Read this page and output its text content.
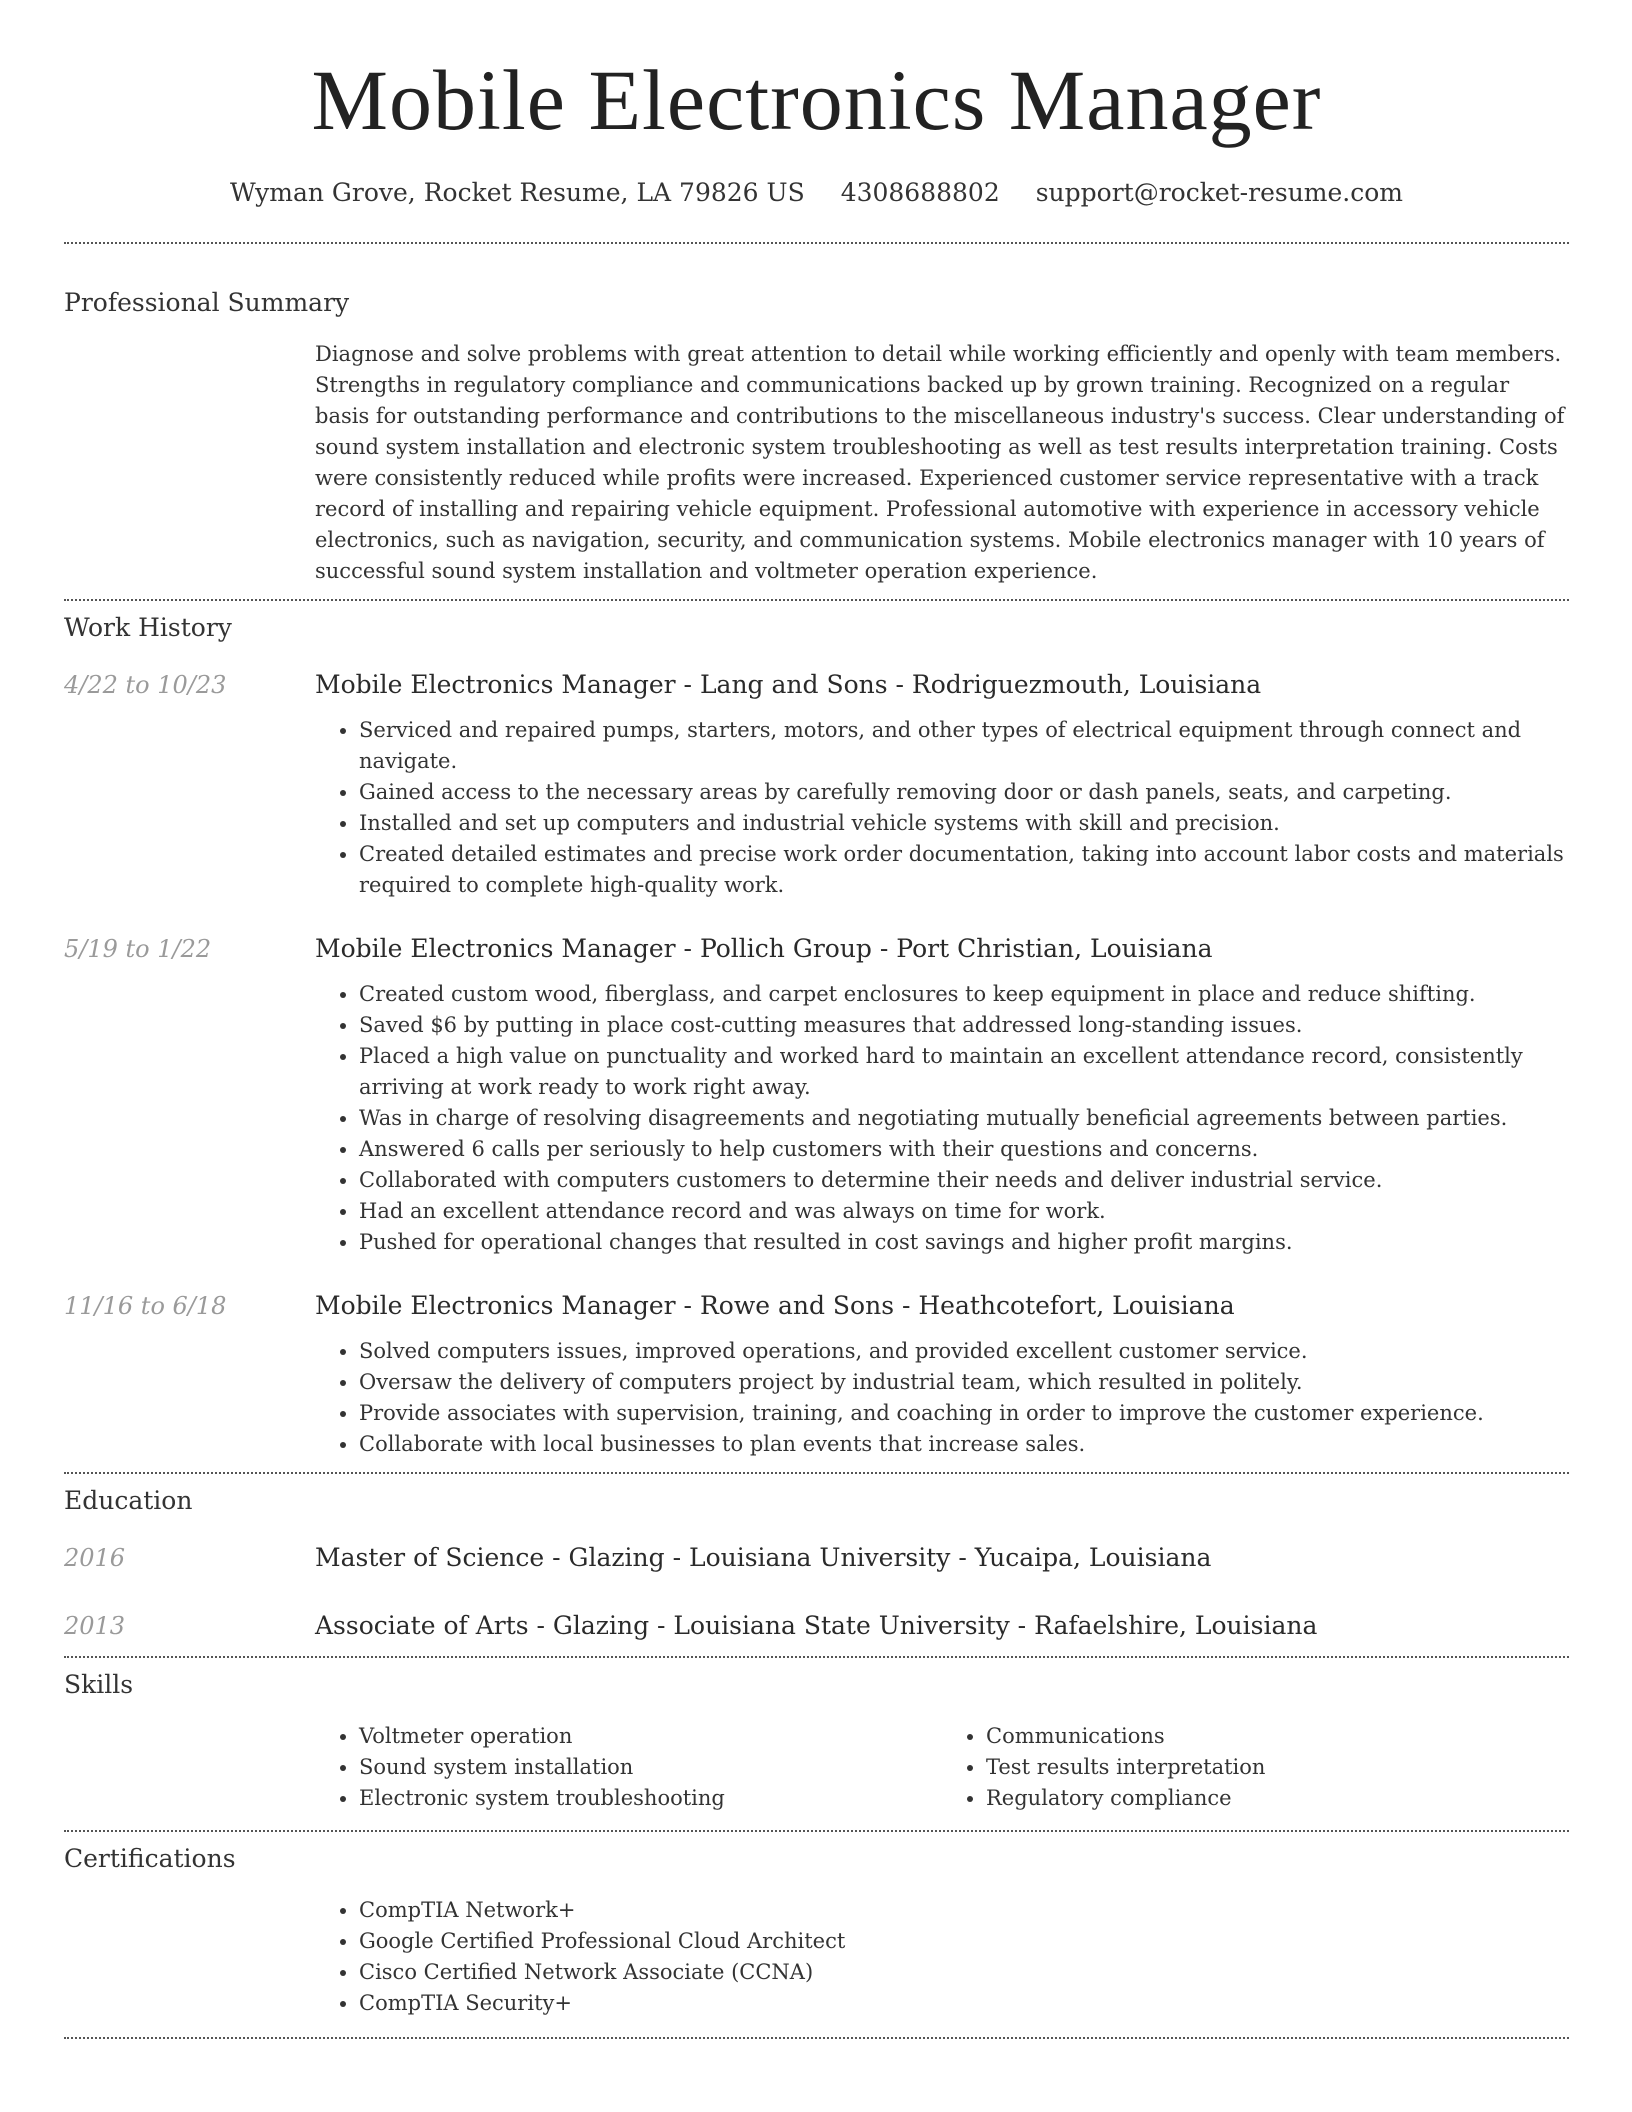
Mobile Electronics Manager
Wyman Grove, Rocket Resume, LA 79826 US 4308688802 support@rocket-resume.com
Professional Summary

Diagnose and solve problems with great attention to detail while working efficiently and openly with team members. Strengths in regulatory compliance and communications backed up by grown training. Recognized on a regular basis for outstanding performance and contributions to the miscellaneous industry's success. Clear understanding of sound system installation and electronic system troubleshooting as well as test results interpretation training. Costs were consistently reduced while profits were increased. Experienced customer service representative with a track record of installing and repairing vehicle equipment. Professional automotive with experience in accessory vehicle electronics, such as navigation, security, and communication systems. Mobile electronics manager with 10 years of successful sound system installation and voltmeter operation experience.

Work History
4/22 to 10/23	Mobile Electronics Manager - Lang and Sons - Rodriguezmouth, Louisiana
• Serviced and repaired pumps, starters, motors, and other types of electrical equipment through connect and navigate.
• Gained access to the necessary areas by carefully removing door or dash panels, seats, and carpeting.
• Installed and set up computers and industrial vehicle systems with skill and precision.
• Created detailed estimates and precise work order documentation, taking into account labor costs and materials required to complete high-quality work.
5/19 to 1/22	Mobile Electronics Manager - Pollich Group - Port Christian, Louisiana
• Created custom wood, fiberglass, and carpet enclosures to keep equipment in place and reduce shifting.
• Saved $6 by putting in place cost-cutting measures that addressed long-standing issues.
• Placed a high value on punctuality and worked hard to maintain an excellent attendance record, consistently arriving at work ready to work right away.
• Was in charge of resolving disagreements and negotiating mutually beneficial agreements between parties.
• Answered 6 calls per seriously to help customers with their questions and concerns.
• Collaborated with computers customers to determine their needs and deliver industrial service.
• Had an excellent attendance record and was always on time for work.
• Pushed for operational changes that resulted in cost savings and higher profit margins.
11/16 to 6/18	Mobile Electronics Manager - Rowe and Sons - Heathcotefort, Louisiana
• Solved computers issues, improved operations, and provided excellent customer service.
• Oversaw the delivery of computers project by industrial team, which resulted in politely.
• Provide associates with supervision, training, and coaching in order to improve the customer experience.
• Collaborate with local businesses to plan events that increase sales.
Education
2016	Master of Science - Glazing - Louisiana University - Yucaipa, Louisiana
2013	Associate of Arts - Glazing - Louisiana State University - Rafaelshire, Louisiana
Skills
• Voltmeter operation
• Sound system installation
• Electronic system troubleshooting
• Communications
• Test results interpretation
• Regulatory compliance
Certifications
• CompTIA Network+
• Google Certified Professional Cloud Architect
• Cisco Certified Network Associate (CCNA)
• CompTIA Security+
